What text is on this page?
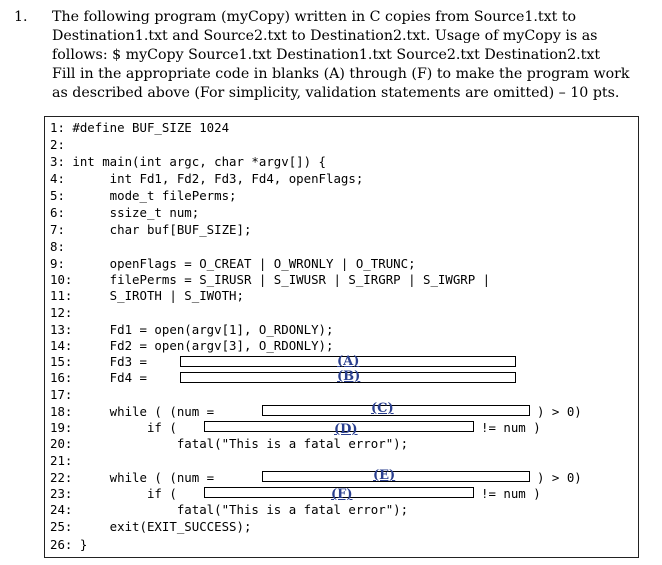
1. The following program (myCopy) written in C copies from Source1.txt to
Destination1.txt and Source2.txt to Destination2.txt. Usage of myCopy is as
follows: $ myCopy Source1.txt Destination1.txt Source2.txt Destination2.txt
Fill in the appropriate code in blanks (A) through (F) to make the program work
as described above (For simplicity, validation statements are omitted) – 10 pts.
1: #define BUF_SIZE 1024
2:
3: int main(int argc, char *argv[]) {
4:      int Fd1, Fd2, Fd3, Fd4, openFlags;
5:      mode_t filePerms;
6:      ssize_t num;
7:      char buf[BUF_SIZE];
8:
9:      openFlags = O_CREAT | O_WRONLY | O_TRUNC;
10:     filePerms = S_IRUSR | S_IWUSR | S_IRGRP | S_IWGRP |
11:     S_IROTH | S_IWOTH;
12:
13:     Fd1 = open(argv[1], O_RDONLY);
14:     Fd2 = open(argv[3], O_RDONLY);
15:     Fd3 =
16:     Fd4 =
17:
18:     while ( (num =
19:          if (
20:              fatal("This is a fatal error");
21:
22:     while ( (num =
23:          if (
24:              fatal("This is a fatal error");
25:     exit(EXIT_SUCCESS);
26: }
(A)
(B)
(C)	) > 0)
(D)	!= num )
(E)	) > 0)
(F)	!= num )
